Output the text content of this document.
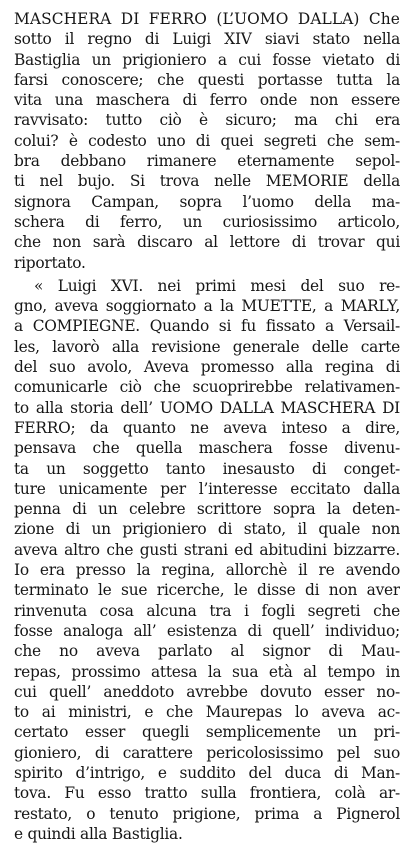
MASCHERA DI FERRO (L’UOMO DALLA) Che
sotto il regno di Luigi XIV siavi stato nella
Bastiglia un prigioniero a cui fosse vietato di
farsi conoscere; che questi portasse tutta la
vita una maschera di ferro onde non essere
ravvisato: tutto ciò è sicuro; ma chi era
colui? è codesto uno di quei segreti che sem-
bra debbano rimanere eternamente sepol-
ti nel bujo. Si trova nelle MEMORIE della
signora Campan, sopra l’uomo della ma-
schera di ferro, un curiosissimo articolo,
che non sarà discaro al lettore di trovar qui
riportato.
« Luigi XVI. nei primi mesi del suo re-
gno, aveva soggiornato a la MUETTE, a MARLY,
a COMPIEGNE. Quando si fu fissato a Versail-
les, lavorò alla revisione generale delle carte
del suo avolo, Aveva promesso alla regina di
comunicarle ciò che scuoprirebbe relativamen-
to alla storia dell’ UOMO DALLA MASCHERA DI
FERRO; da quanto ne aveva inteso a dire,
pensava che quella maschera fosse divenu-
ta un soggetto tanto inesausto di conget-
ture unicamente per l’interesse eccitato dalla
penna di un celebre scrittore sopra la deten-
zione di un prigioniero di stato, il quale non
aveva altro che gusti strani ed abitudini bizzarre.
Io era presso la regina, allorchè il re avendo
terminato le sue ricerche, le disse di non aver
rinvenuta cosa alcuna tra i fogli segreti che
fosse analoga all’ esistenza di quell’ individuo;
che no aveva parlato al signor di Mau-
repas, prossimo attesa la sua età al tempo in
cui quell’ aneddoto avrebbe dovuto esser no-
to ai ministri, e che Maurepas lo aveva ac-
certato esser quegli semplicemente un pri-
gioniero, di carattere pericolosissimo pel suo
spirito d’intrigo, e suddito del duca di Man-
tova. Fu esso tratto sulla frontiera, colà ar-
restato, o tenuto prigione, prima a Pignerol
e quindi alla Bastiglia.
